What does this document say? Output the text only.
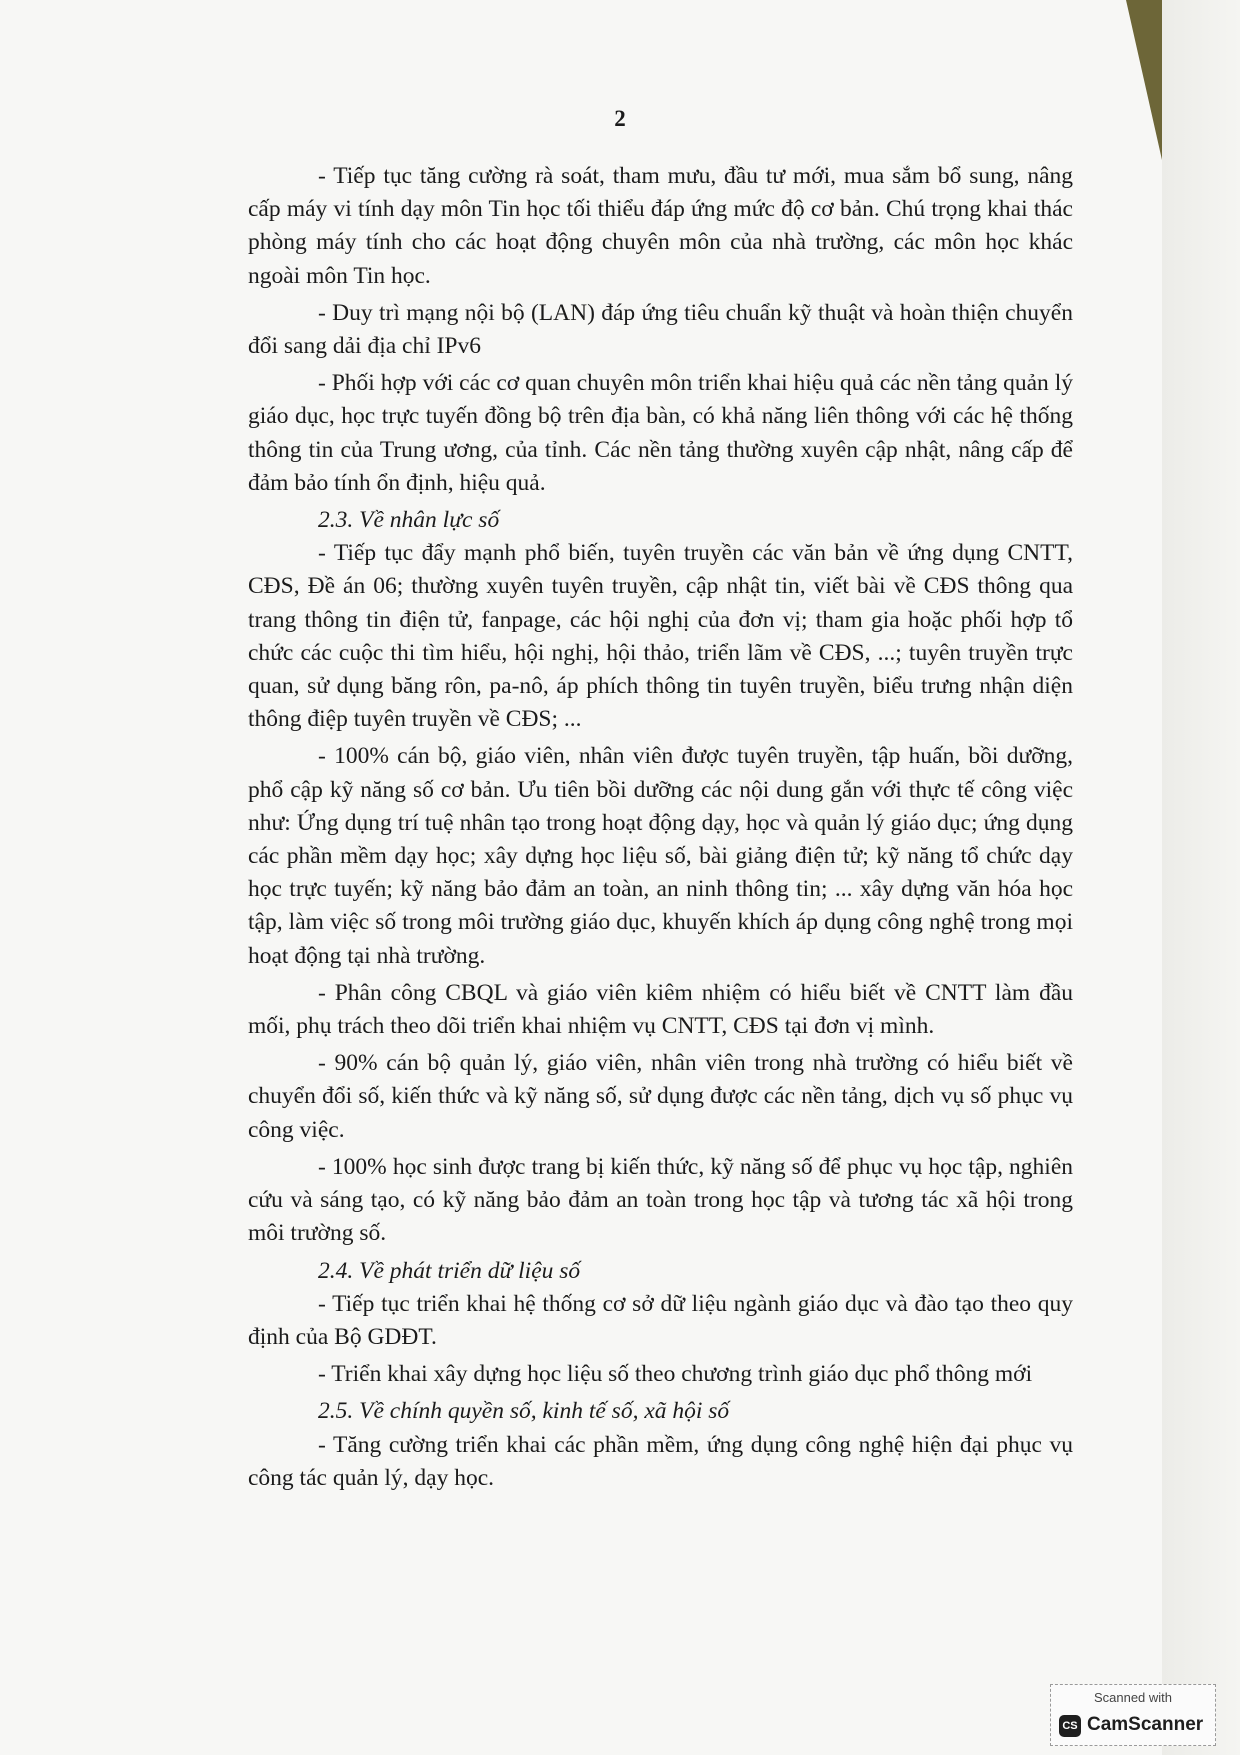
2

- Tiếp tục tăng cường rà soát, tham mưu, đầu tư mới, mua sắm bổ sung, nâng cấp máy vi tính dạy môn Tin học tối thiểu đáp ứng mức độ cơ bản. Chú trọng khai thác phòng máy tính cho các hoạt động chuyên môn của nhà trường, các môn học khác ngoài môn Tin học.

- Duy trì mạng nội bộ (LAN) đáp ứng tiêu chuẩn kỹ thuật và hoàn thiện chuyển đổi sang dải địa chỉ IPv6

- Phối hợp với các cơ quan chuyên môn triển khai hiệu quả các nền tảng quản lý giáo dục, học trực tuyến đồng bộ trên địa bàn, có khả năng liên thông với các hệ thống thông tin của Trung ương, của tỉnh. Các nền tảng thường xuyên cập nhật, nâng cấp để đảm bảo tính ổn định, hiệu quả.

2.3. Về nhân lực số

- Tiếp tục đẩy mạnh phổ biến, tuyên truyền các văn bản về ứng dụng CNTT, CĐS, Đề án 06; thường xuyên tuyên truyền, cập nhật tin, viết bài về CĐS thông qua trang thông tin điện tử, fanpage, các hội nghị của đơn vị; tham gia hoặc phối hợp tổ chức các cuộc thi tìm hiểu, hội nghị, hội thảo, triển lãm về CĐS, ...; tuyên truyền trực quan, sử dụng băng rôn, pa-nô, áp phích thông tin tuyên truyền, biểu trưng nhận diện thông điệp tuyên truyền về CĐS; ...

- 100% cán bộ, giáo viên, nhân viên được tuyên truyền, tập huấn, bồi dưỡng, phổ cập kỹ năng số cơ bản. Ưu tiên bồi dưỡng các nội dung gắn với thực tế công việc như: Ứng dụng trí tuệ nhân tạo trong hoạt động dạy, học và quản lý giáo dục; ứng dụng các phần mềm dạy học; xây dựng học liệu số, bài giảng điện tử; kỹ năng tổ chức dạy học trực tuyến; kỹ năng bảo đảm an toàn, an ninh thông tin; ... xây dựng văn hóa học tập, làm việc số trong môi trường giáo dục, khuyến khích áp dụng công nghệ trong mọi hoạt động tại nhà trường.

- Phân công CBQL và giáo viên kiêm nhiệm có hiểu biết về CNTT làm đầu mối, phụ trách theo dõi triển khai nhiệm vụ CNTT, CĐS tại đơn vị mình.

- 90% cán bộ quản lý, giáo viên, nhân viên trong nhà trường có hiểu biết về chuyển đổi số, kiến thức và kỹ năng số, sử dụng được các nền tảng, dịch vụ số phục vụ công việc.

- 100% học sinh được trang bị kiến thức, kỹ năng số để phục vụ học tập, nghiên cứu và sáng tạo, có kỹ năng bảo đảm an toàn trong học tập và tương tác xã hội trong môi trường số.

2.4. Về phát triển dữ liệu số

- Tiếp tục triển khai hệ thống cơ sở dữ liệu ngành giáo dục và đào tạo theo quy định của Bộ GDĐT.

- Triển khai xây dựng học liệu số theo chương trình giáo dục phổ thông mới

2.5. Về chính quyền số, kinh tế số, xã hội số

- Tăng cường triển khai các phần mềm, ứng dụng công nghệ hiện đại phục vụ công tác quản lý, dạy học.

Scanned with
CS CamScanner
